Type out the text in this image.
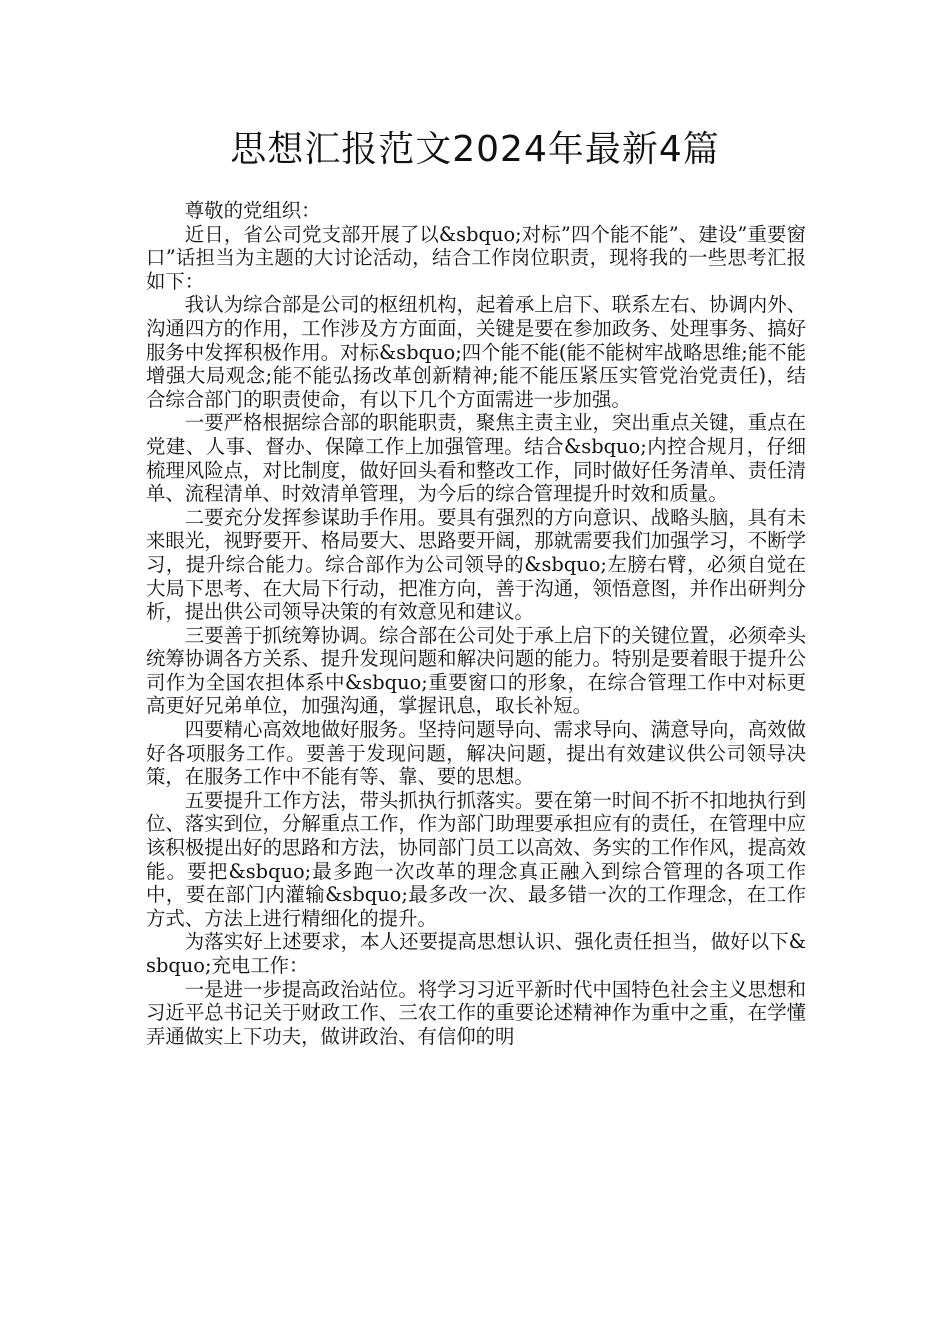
思想汇报范文2024年最新4篇

尊敬的党组织：

近日，省公司党支部开展了以&sbquo;对标”四个能不能”、建设”重要窗口”话担当为主题的大讨论活动，结合工作岗位职责，现将我的一些思考汇报如下：

我认为综合部是公司的枢纽机构，起着承上启下、联系左右、协调内外、沟通四方的作用，工作涉及方方面面，关键是要在参加政务、处理事务、搞好服务中发挥积极作用。对标&sbquo;四个能不能(能不能树牢战略思维;能不能增强大局观念;能不能弘扬改革创新精神;能不能压紧压实管党治党责任)，结合综合部门的职责使命，有以下几个方面需进一步加强。

一要严格根据综合部的职能职责，聚焦主责主业，突出重点关键，重点在党建、人事、督办、保障工作上加强管理。结合&sbquo;内控合规月，仔细梳理风险点，对比制度，做好回头看和整改工作，同时做好任务清单、责任清单、流程清单、时效清单管理，为今后的综合管理提升时效和质量。

二要充分发挥参谋助手作用。要具有强烈的方向意识、战略头脑，具有未来眼光，视野要开、格局要大、思路要开阔，那就需要我们加强学习，不断学习，提升综合能力。综合部作为公司领导的&sbquo;左膀右臂，必须自觉在大局下思考、在大局下行动，把准方向，善于沟通，领悟意图，并作出研判分析，提出供公司领导决策的有效意见和建议。

三要善于抓统筹协调。综合部在公司处于承上启下的关键位置，必须牵头统筹协调各方关系、提升发现问题和解决问题的能力。特别是要着眼于提升公司作为全国农担体系中&sbquo;重要窗口的形象，在综合管理工作中对标更高更好兄弟单位，加强沟通，掌握讯息，取长补短。

四要精心高效地做好服务。坚持问题导向、需求导向、满意导向，高效做好各项服务工作。要善于发现问题，解决问题，提出有效建议供公司领导决策，在服务工作中不能有等、靠、要的思想。

五要提升工作方法，带头抓执行抓落实。要在第一时间不折不扣地执行到位、落实到位，分解重点工作，作为部门助理要承担应有的责任，在管理中应该积极提出好的思路和方法，协同部门员工以高效、务实的工作作风，提高效能。要把&sbquo;最多跑一次改革的理念真正融入到综合管理的各项工作中，要在部门内灌输&sbquo;最多改一次、最多错一次的工作理念，在工作方式、方法上进行精细化的提升。

为落实好上述要求，本人还要提高思想认识、强化责任担当，做好以下&sbquo;充电工作：

一是进一步提高政治站位。将学习习近平新时代中国特色社会主义思想和习近平总书记关于财政工作、三农工作的重要论述精神作为重中之重，在学懂弄通做实上下功夫，做讲政治、有信仰的明
